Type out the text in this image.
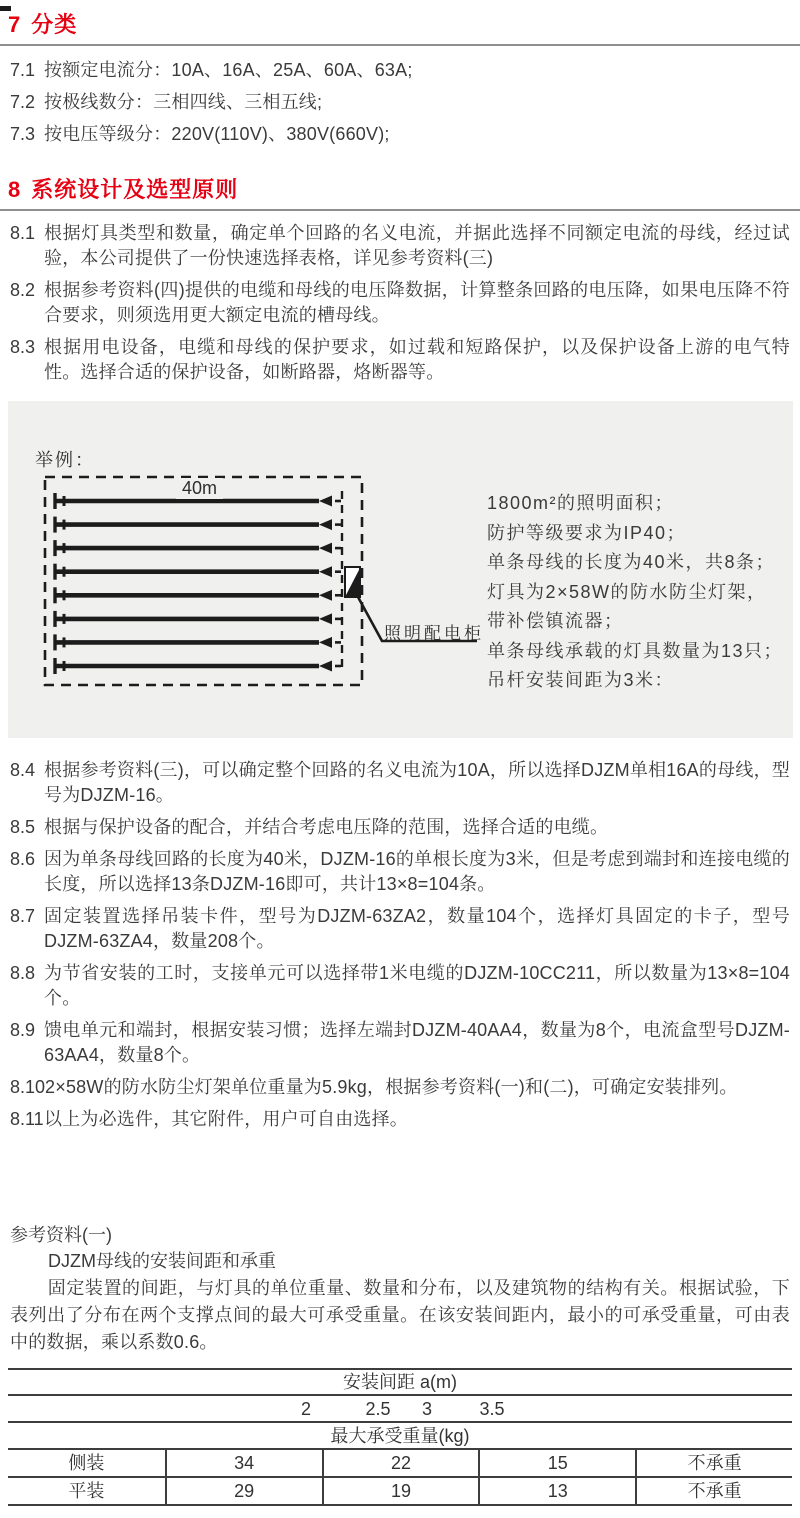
7 分类
7.1 按额定电流分：10A、16A、25A、60A、63A;
7.2 按极线数分：三相四线、三相五线;
7.3 按电压等级分：220V(110V)、380V(660V);
8 系统设计及选型原则
8.1 根据灯具类型和数量，确定单个回路的名义电流，并据此选择不同额定电流的母线，经过试验，本公司提供了一份快速选择表格，详见参考资料(三)
8.2 根据参考资料(四)提供的电缆和母线的电压降数据，计算整条回路的电压降，如果电压降不符合要求，则须选用更大额定电流的槽母线。
8.3 根据用电设备，电缆和母线的保护要求，如过载和短路保护，以及保护设备上游的电气特性。选择合适的保护设备，如断路器，烙断器等。
举例：
40m
照明配电柜
1800m²的照明面积；
防护等级要求为IP40；
单条母线的长度为40米，共8条；
灯具为2×58W的防水防尘灯架，
带补偿镇流器；
单条母线承载的灯具数量为13只；
吊杆安装间距为3米：
8.4 根据参考资料(三)，可以确定整个回路的名义电流为10A，所以选择DJZM单相16A的母线，型号为DJZM-16。
8.5 根据与保护设备的配合，并结合考虑电压降的范围，选择合适的电缆。
8.6 因为单条母线回路的长度为40米，DJZM-16的单根长度为3米，但是考虑到端封和连接电缆的长度，所以选择13条DJZM-16即可，共计13×8=104条。
8.7 固定装置选择吊装卡件，型号为DJZM-63ZA2，数量104个，选择灯具固定的卡子，型号DJZM-63ZA4，数量208个。
8.8 为节省安装的工时，支接单元可以选择带1米电缆的DJZM-10CC211，所以数量为13×8=104个。
8.9 馈电单元和端封，根据安装习惯；选择左端封DJZM-40AA4，数量为8个，电流盒型号DJZM-63AA4，数量8个。
8.10 2×58W的防水防尘灯架单位重量为5.9kg，根据参考资料(一)和(二)，可确定安装排列。
8.11 以上为必选件，其它附件，用户可自由选择。
参考资料(一)
DJZM母线的安装间距和承重
固定装置的间距，与灯具的单位重量、数量和分布，以及建筑物的结构有关。根据试验，下表列出了分布在两个支撑点间的最大可承受重量。在该安装间距内，最小的可承受重量，可由表中的数据，乘以系数0.6。
安装间距 a(m)
2	2.5 3	3.5
最大承受重量(kg)
侧装	34	22	15	不承重
平装	29	19	13	不承重
